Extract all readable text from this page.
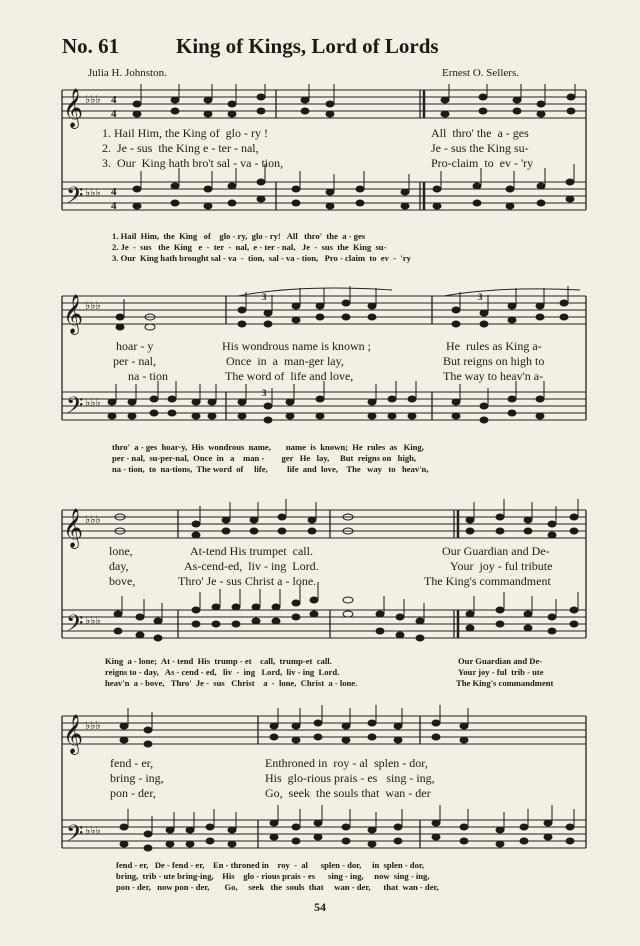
No. 61	King of Kings, Lord of Lords
Julia H. Johnston.	Ernest O. Sellers.
𝄞
𝄢
♭♭♭
♭♭♭
4
4
4
4
1. Hail Him, the King of  glo - ry !	All  thro' the  a - ges
2.  Je - sus  the King e - ter - nal,	Je - sus the King su-
3.  Our  King hath bro't sal - va - tion,	Pro-claim  to  ev - 'ry
1. Hail  Him,  the  King   of    glo - ry,  glo - ry!   All   thro'  the  a - ges
2. Je  -  sus   the  King   e  -  ter  -  nal,  e - ter - nal,   Je  -  sus  the  King  su-
3. Our  King hath brought sal - va  -  tion,  sal - va - tion,   Pro - claim  to  ev  -  'ry
𝄞
𝄢
♭♭♭
♭♭♭
3	3
3
hoar - y	His wondrous name is known ;	He  rules as King a-
per - nal,	Once  in  a  man-ger lay,	But reigns on high to
na - tion	The word of  life and love,	The way to heav'n a-
thro'  a - ges  hoar-y,  His  wondrous  name,       name  is  known;  He  rules  as   King,
per - nal,  su-per-nal,  Once  in   a    man -        ger   He   lay,     But  reigns on   high,
na - tion,  to  na-tions,  The word  of     life,         life  and  love,    The   way   to   heav'n,
𝄞
𝄢
♭♭♭
♭♭♭
lone,	At-tend His trumpet  call.	Our Guardian and De-
day,	As-cend-ed,  liv - ing  Lord.	Your  joy - ful tribute
bove,	Thro' Je - sus Christ a - lone.	The King's commandment
King  a - lone;  At - tend  His  trump - et    call,  trump-et  call.
reigns to - day,   As - cend - ed,   liv  -  ing   Lord,  liv - ing  Lord.
heav'n  a - bove,   Thro'  Je -  sus   Christ    a  -  lone,  Christ  a - lone.
Our Guardian and De-
Your joy - ful  trib - ute
The King's commandment
𝄞
𝄢
♭♭♭
♭♭♭
fend - er,	Enthroned in  roy - al  splen - dor,
bring - ing,	His  glo-rious prais - es   sing - ing,
pon - der,	Go,  seek  the souls that  wan - der
fend - er,   De - fend - er,    En - throned in    roy  -  al      splen - dor,     in  splen - dor,
bring,  trib - ute bring-ing,    His    glo - rious prais - es      sing - ing,     now  sing - ing,
pon - der,   now pon - der,       Go,     seek   the  souls  that     wan - der,      that  wan - der,
54
